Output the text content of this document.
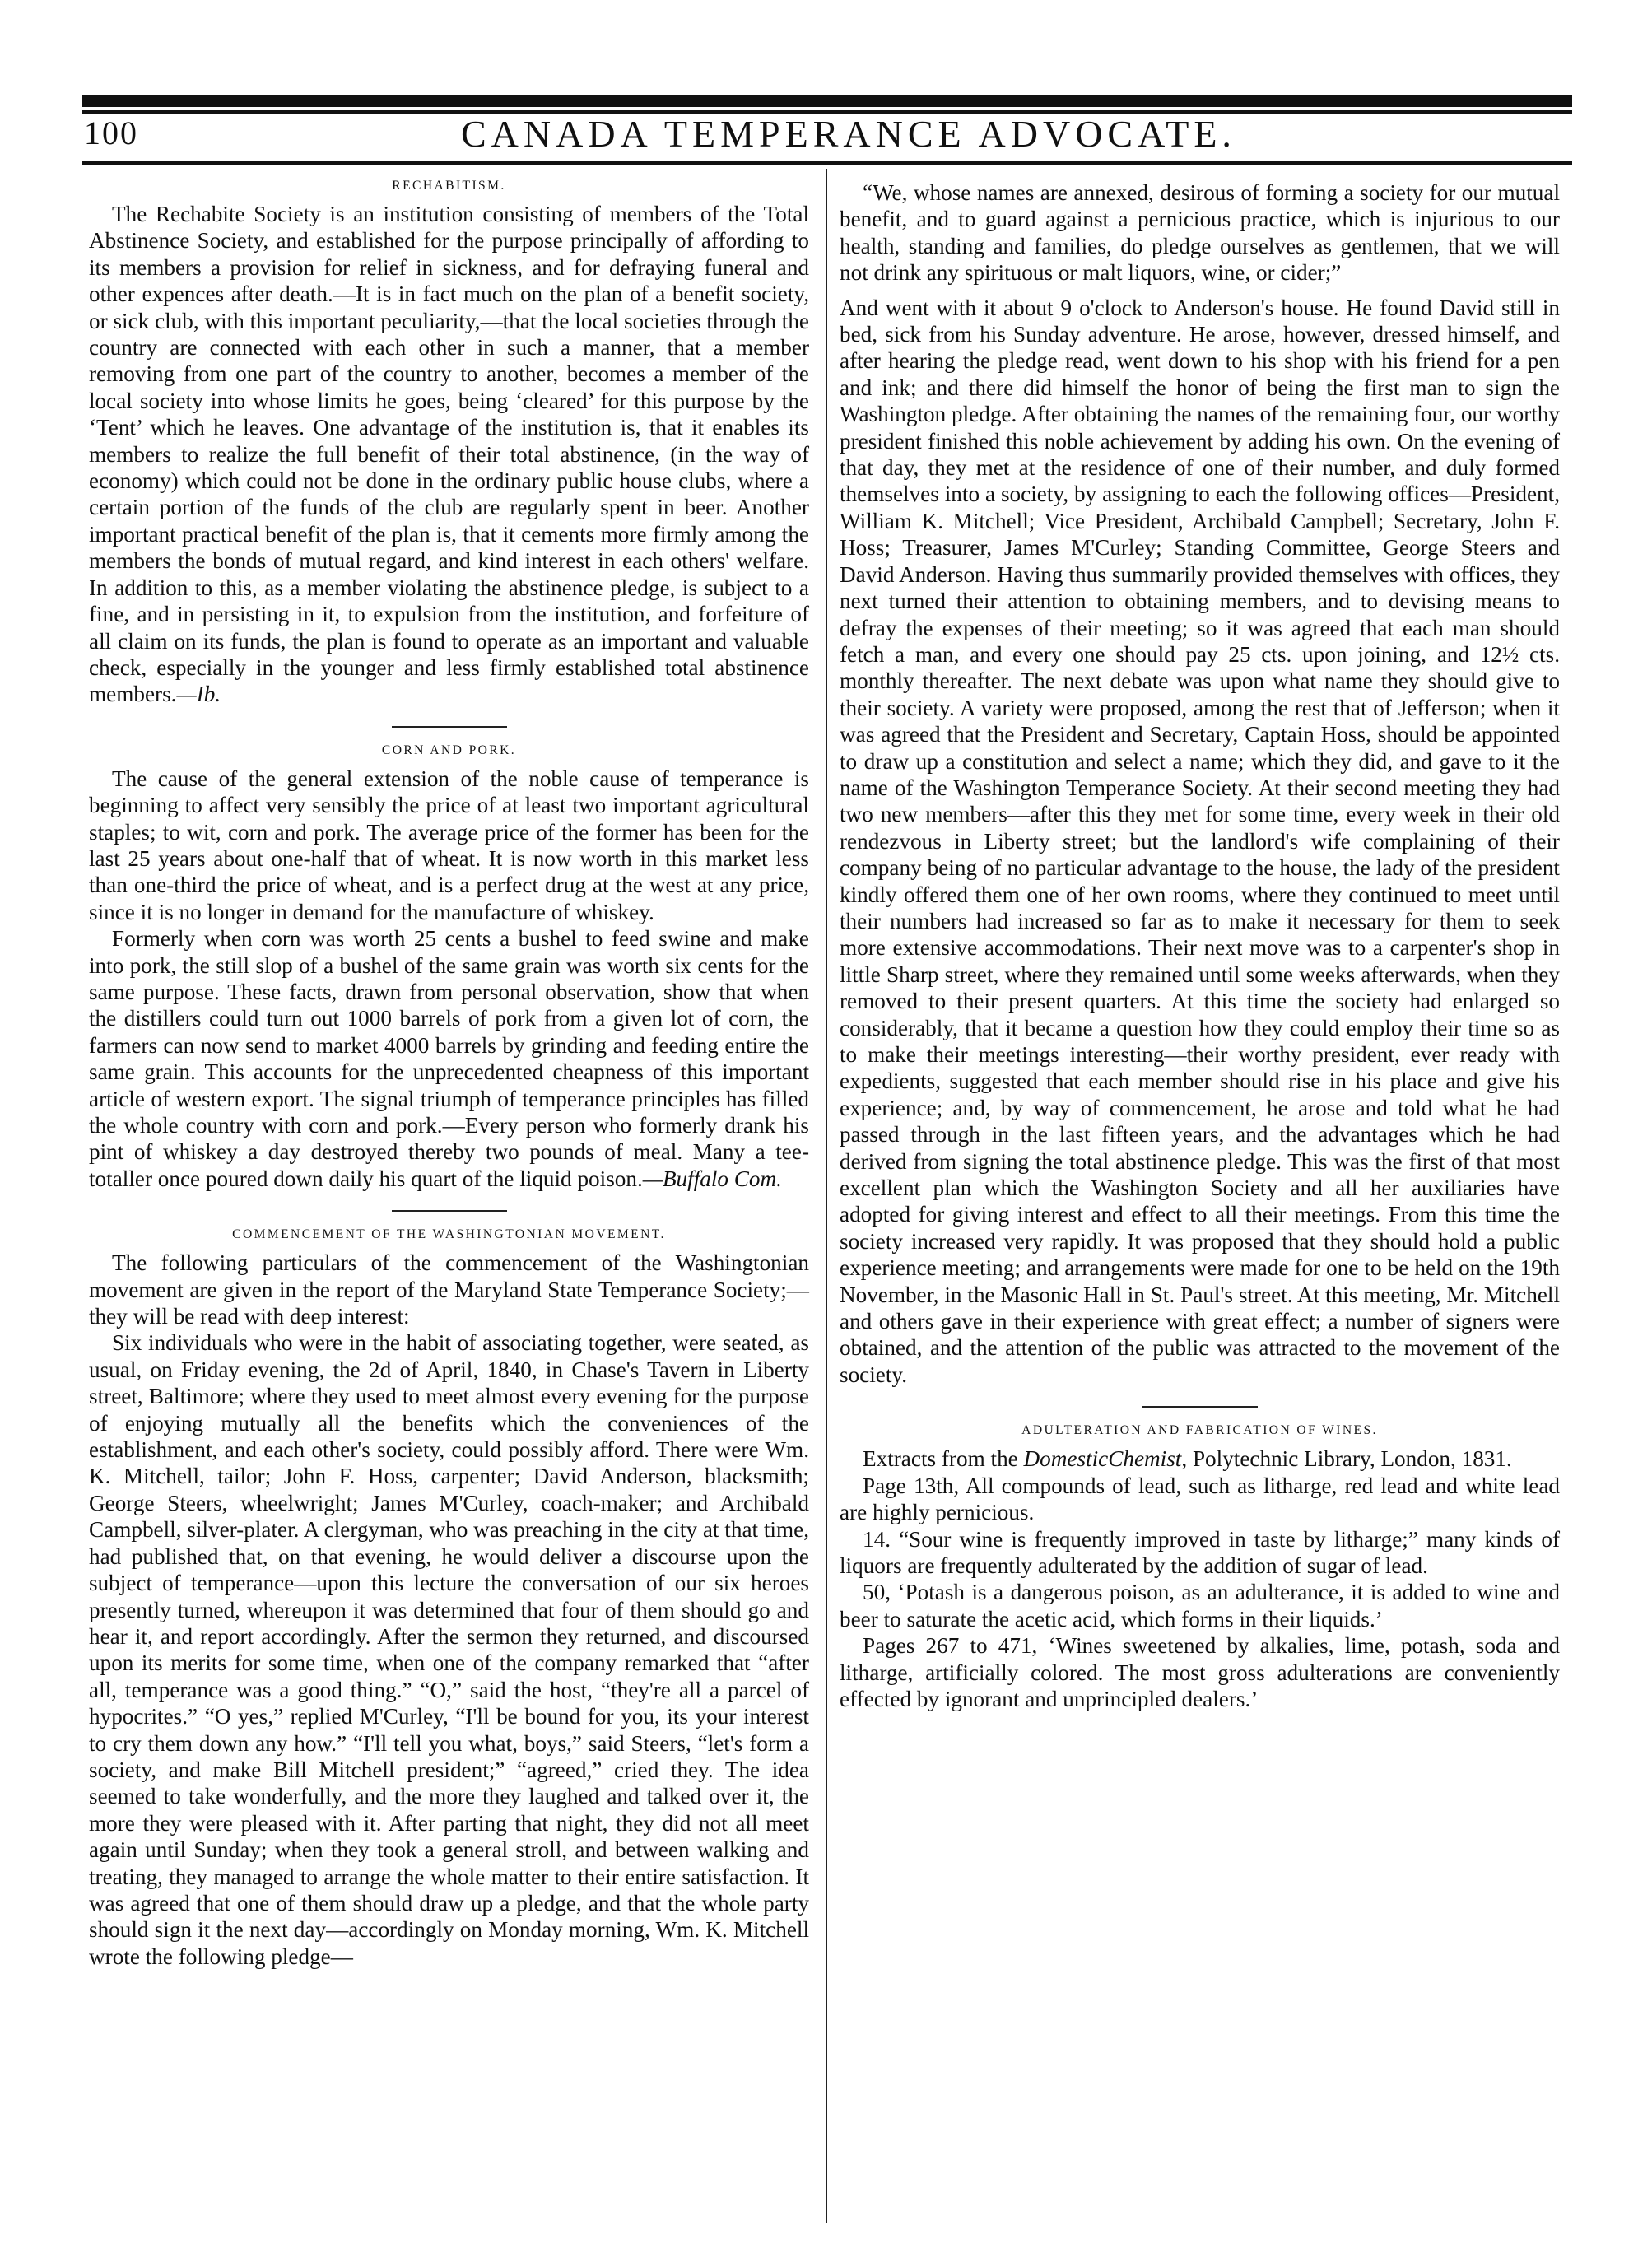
100	CANADA TEMPERANCE ADVOCATE.
RECHABITISM.

The Rechabite Society is an institution consisting of members of the Total Abstinence Society, and established for the purpose principally of affording to its members a provision for relief in sickness, and for defraying funeral and other expences after death.—It is in fact much on the plan of a benefit society, or sick club, with this important peculiarity,—that the local societies through the country are connected with each other in such a manner, that a member removing from one part of the country to another, becomes a member of the local society into whose limits he goes, being ‘cleared’ for this purpose by the ‘Tent’ which he leaves. One advantage of the institution is, that it enables its members to realize the full benefit of their total abstinence, (in the way of economy) which could not be done in the ordinary public house clubs, where a certain portion of the funds of the club are regularly spent in beer. Another important practical benefit of the plan is, that it cements more firmly among the members the bonds of mutual regard, and kind interest in each others' welfare. In addition to this, as a member violating the abstinence pledge, is subject to a fine, and in persisting in it, to expulsion from the institution, and forfeiture of all claim on its funds, the plan is found to operate as an important and valuable check, especially in the younger and less firmly established total abstinence members.—Ib.

CORN AND PORK.

The cause of the general extension of the noble cause of temperance is beginning to affect very sensibly the price of at least two important agricultural staples; to wit, corn and pork. The average price of the former has been for the last 25 years about one-half that of wheat. It is now worth in this market less than one-third the price of wheat, and is a perfect drug at the west at any price, since it is no longer in demand for the manufacture of whiskey.

Formerly when corn was worth 25 cents a bushel to feed swine and make into pork, the still slop of a bushel of the same grain was worth six cents for the same purpose. These facts, drawn from personal observation, show that when the distillers could turn out 1000 barrels of pork from a given lot of corn, the farmers can now send to market 4000 barrels by grinding and feeding entire the same grain. This accounts for the unprecedented cheapness of this important article of western export. The signal triumph of temperance principles has filled the whole country with corn and pork.—Every person who formerly drank his pint of whiskey a day destroyed thereby two pounds of meal. Many a tee-totaller once poured down daily his quart of the liquid poison.—Buffalo Com.

COMMENCEMENT OF THE WASHINGTONIAN MOVEMENT.

The following particulars of the commencement of the Washingtonian movement are given in the report of the Maryland State Temperance Society;—they will be read with deep interest:

Six individuals who were in the habit of associating together, were seated, as usual, on Friday evening, the 2d of April, 1840, in Chase's Tavern in Liberty street, Baltimore; where they used to meet almost every evening for the purpose of enjoying mutually all the benefits which the conveniences of the establishment, and each other's society, could possibly afford. There were Wm. K. Mitchell, tailor; John F. Hoss, carpenter; David Anderson, blacksmith; George Steers, wheelwright; James M'Curley, coach-maker; and Archibald Campbell, silver-plater. A clergyman, who was preaching in the city at that time, had published that, on that evening, he would deliver a discourse upon the subject of temperance—upon this lecture the conversation of our six heroes presently turned, whereupon it was determined that four of them should go and hear it, and report accordingly. After the sermon they returned, and discoursed upon its merits for some time, when one of the company remarked that “after all, temperance was a good thing.” “O,” said the host, “they're all a parcel of hypocrites.” “O yes,” replied M'Curley, “I'll be bound for you, its your interest to cry them down any how.” “I'll tell you what, boys,” said Steers, “let's form a society, and make Bill Mitchell president;” “agreed,” cried they. The idea seemed to take wonderfully, and the more they laughed and talked over it, the more they were pleased with it. After parting that night, they did not all meet again until Sunday; when they took a general stroll, and between walking and treating, they managed to arrange the whole matter to their entire satisfaction. It was agreed that one of them should draw up a pledge, and that the whole party should sign it the next day—accordingly on Monday morning, Wm. K. Mitchell wrote the following pledge—

“We, whose names are annexed, desirous of forming a society for our mutual benefit, and to guard against a pernicious practice, which is injurious to our health, standing and families, do pledge ourselves as gentlemen, that we will not drink any spirituous or malt liquors, wine, or cider;”

And went with it about 9 o'clock to Anderson's house. He found David still in bed, sick from his Sunday adventure. He arose, however, dressed himself, and after hearing the pledge read, went down to his shop with his friend for a pen and ink; and there did himself the honor of being the first man to sign the Washington pledge. After obtaining the names of the remaining four, our worthy president finished this noble achievement by adding his own. On the evening of that day, they met at the residence of one of their number, and duly formed themselves into a society, by assigning to each the following offices—President, William K. Mitchell; Vice President, Archibald Campbell; Secretary, John F. Hoss; Treasurer, James M'Curley; Standing Committee, George Steers and David Anderson. Having thus summarily provided themselves with offices, they next turned their attention to obtaining members, and to devising means to defray the expenses of their meeting; so it was agreed that each man should fetch a man, and every one should pay 25 cts. upon joining, and 12½ cts. monthly thereafter. The next debate was upon what name they should give to their society. A variety were proposed, among the rest that of Jefferson; when it was agreed that the President and Secretary, Captain Hoss, should be appointed to draw up a constitution and select a name; which they did, and gave to it the name of the Washington Temperance Society. At their second meeting they had two new members—after this they met for some time, every week in their old rendezvous in Liberty street; but the landlord's wife complaining of their company being of no particular advantage to the house, the lady of the president kindly offered them one of her own rooms, where they continued to meet until their numbers had increased so far as to make it necessary for them to seek more extensive accommodations. Their next move was to a carpenter's shop in little Sharp street, where they remained until some weeks afterwards, when they removed to their present quarters. At this time the society had enlarged so considerably, that it became a question how they could employ their time so as to make their meetings interesting—their worthy president, ever ready with expedients, suggested that each member should rise in his place and give his experience; and, by way of commencement, he arose and told what he had passed through in the last fifteen years, and the advantages which he had derived from signing the total abstinence pledge. This was the first of that most excellent plan which the Washington Society and all her auxiliaries have adopted for giving interest and effect to all their meetings. From this time the society increased very rapidly. It was proposed that they should hold a public experience meeting; and arrangements were made for one to be held on the 19th November, in the Masonic Hall in St. Paul's street. At this meeting, Mr. Mitchell and others gave in their experience with great effect; a number of signers were obtained, and the attention of the public was attracted to the movement of the society.

ADULTERATION AND FABRICATION OF WINES.

Extracts from the DomesticChemist, Polytechnic Library, London, 1831.

Page 13th, All compounds of lead, such as litharge, red lead and white lead are highly pernicious.

14. “Sour wine is frequently improved in taste by litharge;” many kinds of liquors are frequently adulterated by the addition of sugar of lead.

50, ‘Potash is a dangerous poison, as an adulterance, it is added to wine and beer to saturate the acetic acid, which forms in their liquids.’

Pages 267 to 471, ‘Wines sweetened by alkalies, lime, potash, soda and litharge, artificially colored. The most gross adulterations are conveniently effected by ignorant and unprincipled dealers.’
